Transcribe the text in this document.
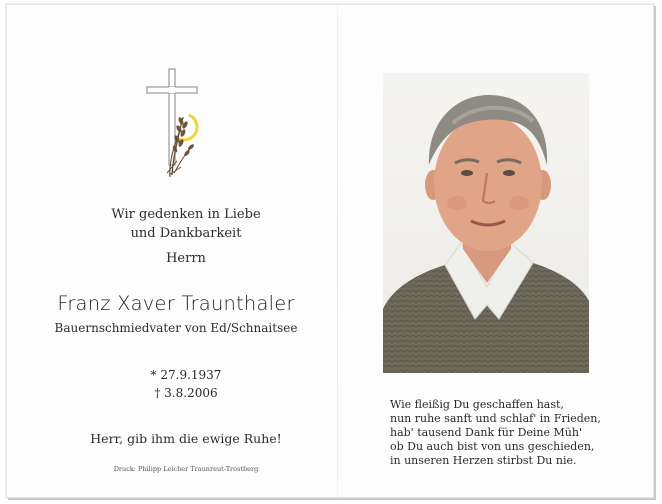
Wir gedenken in Liebe
und Dankbarkeit
Herrn
Franz Xaver Traunthaler
Bauernschmiedvater von Ed/Schnaitsee
* 27.9.1937
† 3.8.2006
Herr, gib ihm die ewige Ruhe!
Druck: Philipp Leicher Traunreut-Trostberg
Wie fleißig Du geschaffen hast,
nun ruhe sanft und schlaf' in Frieden,
hab' tausend Dank für Deine Müh'
ob Du auch bist von uns geschieden,
in unseren Herzen stirbst Du nie.
